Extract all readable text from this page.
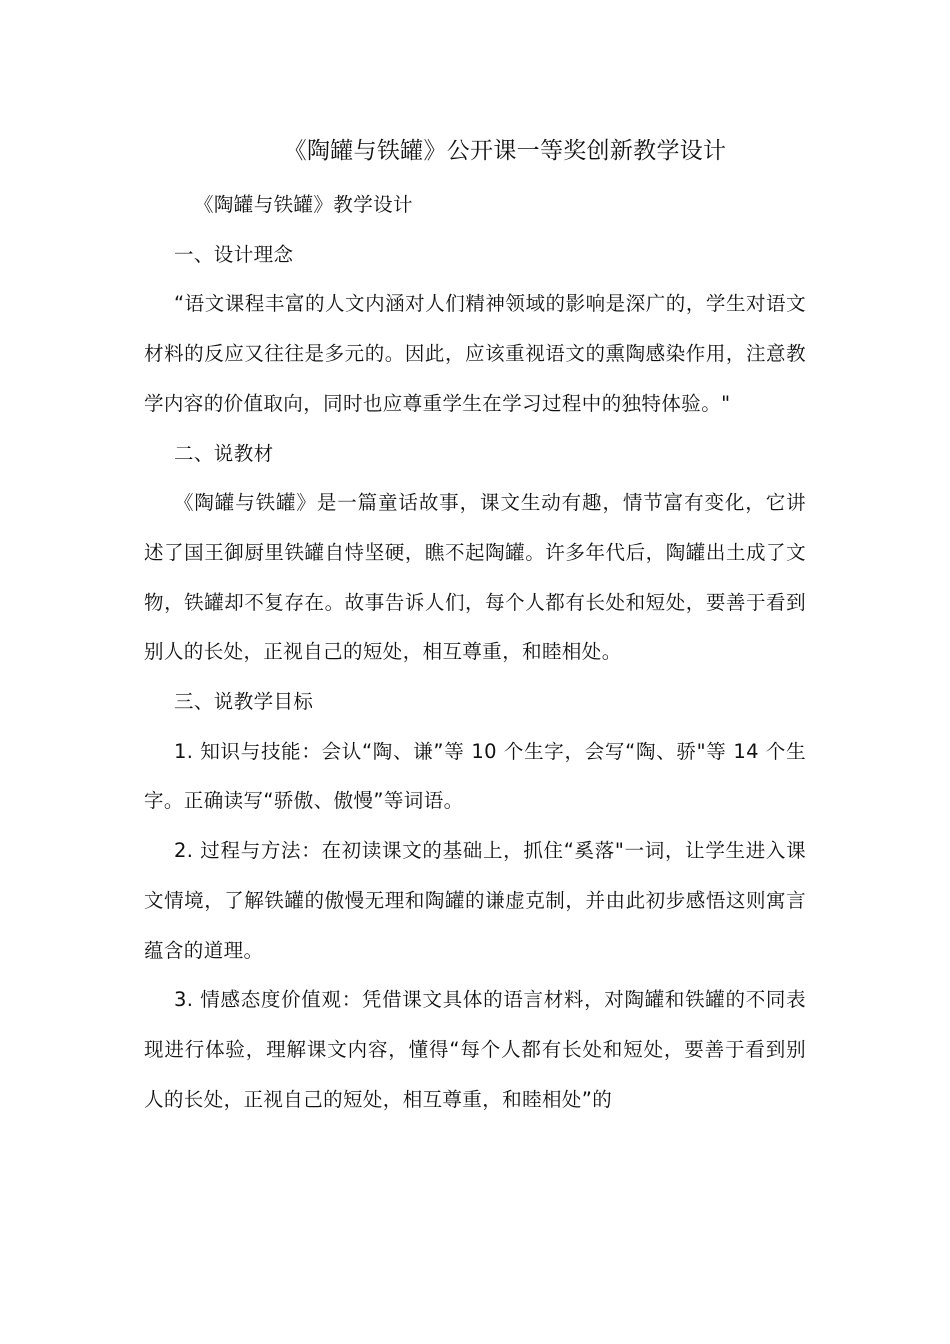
《陶罐与铁罐》公开课一等奖创新教学设计

《陶罐与铁罐》教学设计

一、设计理念

“语文课程丰富的人文内涵对人们精神领域的影响是深广的，学生对语文材料的反应又往往是多元的。因此，应该重视语文的熏陶感染作用，注意教学内容的价值取向，同时也应尊重学生在学习过程中的独特体验。"

二、说教材

《陶罐与铁罐》是一篇童话故事，课文生动有趣，情节富有变化，它讲述了国王御厨里铁罐自恃坚硬，瞧不起陶罐。许多年代后，陶罐出土成了文物，铁罐却不复存在。故事告诉人们，每个人都有长处和短处，要善于看到别人的长处，正视自己的短处，相互尊重，和睦相处。

三、说教学目标

1. 知识与技能：会认“陶、谦”等 10 个生字，会写“陶、骄"等 14 个生字。正确读写“骄傲、傲慢”等词语。

2. 过程与方法：在初读课文的基础上，抓住“奚落"一词，让学生进入课文情境，了解铁罐的傲慢无理和陶罐的谦虚克制，并由此初步感悟这则寓言蕴含的道理。

3. 情感态度价值观：凭借课文具体的语言材料，对陶罐和铁罐的不同表现进行体验，理解课文内容，懂得“每个人都有长处和短处，要善于看到别人的长处，正视自己的短处，相互尊重，和睦相处”的
